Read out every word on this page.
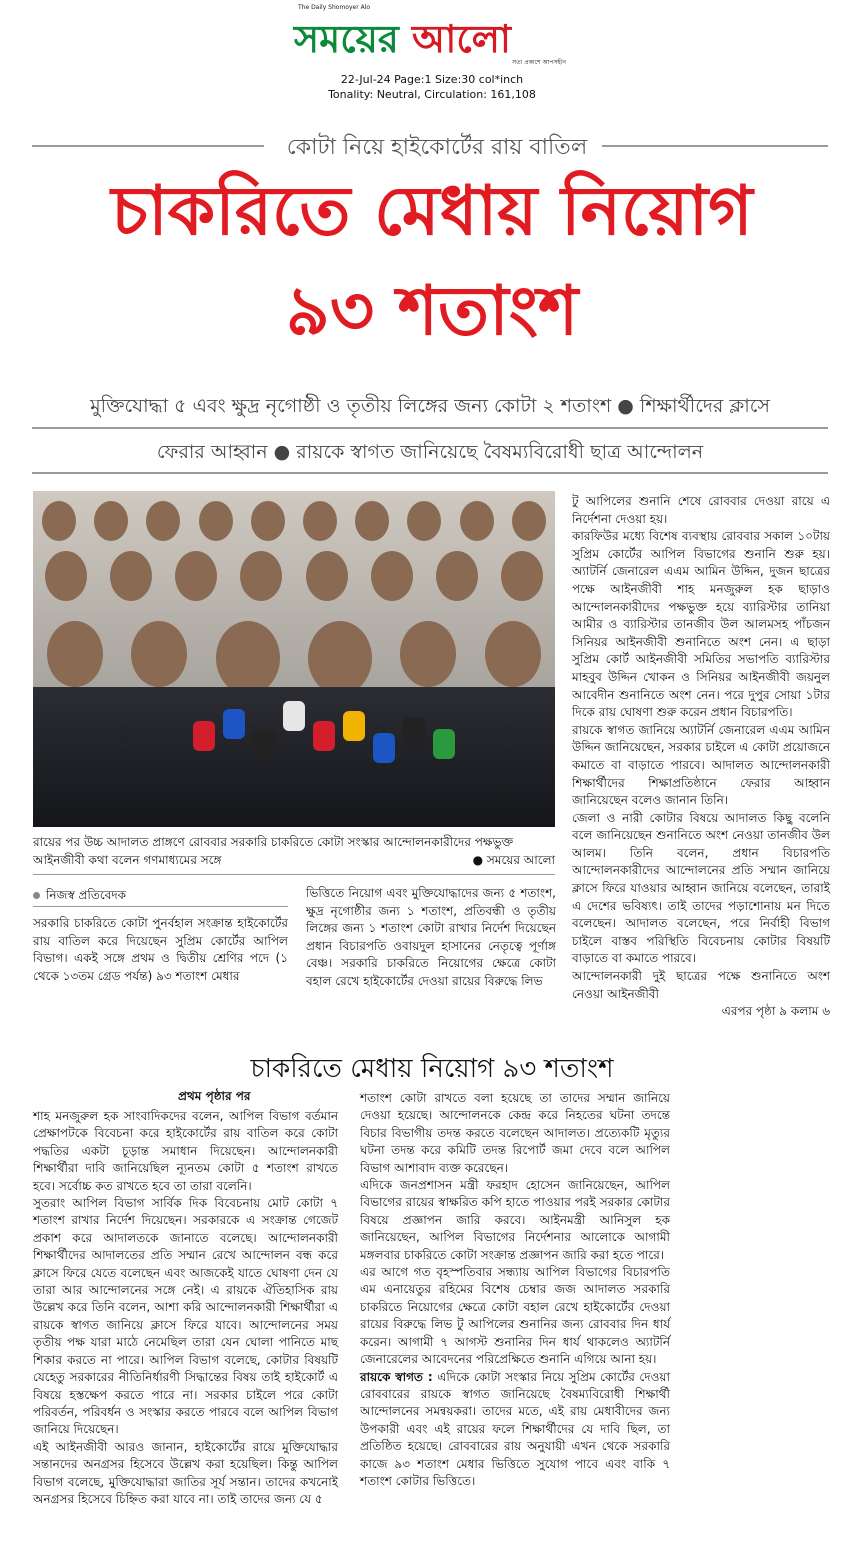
The Daily Shomoyer Alo
সময়ের আলো
সত্য প্রকাশে আপসহীন
22-Jul-24 Page:1 Size:30 col*inch
Tonality: Neutral, Circulation: 161,108
কোটা নিয়ে হাইকোর্টের রায় বাতিল
চাকরিতে মেধায় নিয়োগ
৯৩ শতাংশ
মুক্তিযোদ্ধা ৫ এবং ক্ষুদ্র নৃগোষ্ঠী ও তৃতীয় লিঙ্গের জন্য কোটা ২ শতাংশ ● শিক্ষার্থীদের ক্লাসে
ফেরার আহ্বান ● রায়কে স্বাগত জানিয়েছে বৈষম্যবিরোধী ছাত্র আন্দোলন
রায়ের পর উচ্চ আদালত প্রাঙ্গণে রোববার সরকারি চাকরিতে কোটা সংস্কার আন্দোলনকারীদের পক্ষভুক্ত আইনজীবী কথা বলেন গণমাধ্যমের সঙ্গে	● সময়ের আলো
নিজস্ব প্রতিবেদক

সরকারি চাকরিতে কোটা পুনর্বহাল সংক্রান্ত হাইকোর্টের রায় বাতিল করে দিয়েছেন সুপ্রিম কোর্টের আপিল বিভাগ। একই সঙ্গে প্রথম ও দ্বিতীয় শ্রেণির পদে (১ থেকে ১৩তম গ্রেড পর্যন্ত) ৯৩ শতাংশ মেধার

ভিত্তিতে নিয়োগ এবং মুক্তিযোদ্ধাদের জন্য ৫ শতাংশ, ক্ষুদ্র নৃগোষ্ঠীর জন্য ১ শতাংশ, প্রতিবন্ধী ও তৃতীয় লিঙ্গের জন্য ১ শতাংশ কোটা রাখার নির্দেশ দিয়েছেন প্রধান বিচারপতি ওবায়দুল হাসানের নেতৃত্বে পূর্ণাঙ্গ বেঞ্চ। সরকারি চাকরিতে নিয়োগের ক্ষেত্রে কোটা বহাল রেখে হাইকোর্টের দেওয়া রায়ের বিরুদ্ধে লিভ

টু আপিলের শুনানি শেষে রোববার দেওয়া রায়ে এ নির্দেশনা দেওয়া হয়।

কারফিউর মধ্যে বিশেষ ব্যবস্থায় রোববার সকাল ১০টায় সুপ্রিম কোর্টের আপিল বিভাগের শুনানি শুরু হয়। অ্যাটর্নি জেনারেল এএম আমিন উদ্দিন, দুজন ছাত্রের পক্ষে আইনজীবী শাহ মনজুরুল হক ছাড়াও আন্দোলনকারীদের পক্ষভুক্ত হয়ে ব্যারিস্টার তানিয়া আমীর ও ব্যারিস্টার তানজীব উল আলমসহ পাঁচজন সিনিয়র আইনজীবী শুনানিতে অংশ নেন। এ ছাড়া সুপ্রিম কোর্ট আইনজীবী সমিতির সভাপতি ব্যারিস্টার মাহবুব উদ্দিন খোকন ও সিনিয়র আইনজীবী জয়নুল আবেদীন শুনানিতে অংশ নেন। পরে দুপুর সোয়া ১টার দিকে রায় ঘোষণা শুরু করেন প্রধান বিচারপতি।

রায়কে স্বাগত জানিয়ে অ্যাটর্নি জেনারেল এএম আমিন উদ্দিন জানিয়েছেন, সরকার চাইলে এ কোটা প্রয়োজনে কমাতে বা বাড়াতে পারবে। আদালত আন্দোলনকারী শিক্ষার্থীদের শিক্ষাপ্রতিষ্ঠানে ফেরার আহ্বান জানিয়েছেন বলেও জানান তিনি।

জেলা ও নারী কোটার বিষয়ে আদালত কিছু বলেনি বলে জানিয়েছেন শুনানিতে অংশ নেওয়া তানজীব উল আলম। তিনি বলেন, প্রধান বিচারপতি আন্দোলনকারীদের আন্দোলনের প্রতি সম্মান জানিয়ে ক্লাসে ফিরে যাওয়ার আহ্বান জানিয়ে বলেছেন, তারাই এ দেশের ভবিষ্যৎ। তাই তাদের পড়াশোনায় মন দিতে বলেছেন। আদালত বলেছেন, পরে নির্বাহী বিভাগ চাইলে বাস্তব পরিস্থিতি বিবেচনায় কোটার বিষয়টি বাড়াতে বা কমাতে পারবে।

আন্দোলনকারী দুই ছাত্রের পক্ষে শুনানিতে অংশ নেওয়া আইনজীবী

এরপর পৃষ্ঠা ৯ কলাম ৬
চাকরিতে মেধায় নিয়োগ ৯৩ শতাংশ
প্রথম পৃষ্ঠার পর

শাহ মনজুরুল হক সাংবাদিকদের বলেন, আপিল বিভাগ বর্তমান প্রেক্ষাপটকে বিবেচনা করে হাইকোর্টের রায় বাতিল করে কোটা পদ্ধতির একটা চূড়ান্ত সমাধান দিয়েছেন। আন্দোলনকারী শিক্ষার্থীরা দাবি জানিয়েছিল ন্যূনতম কোটা ৫ শতাংশ রাখতে হবে। সর্বোচ্চ কত রাখতে হবে তা তারা বলেনি।

সুতরাং আপিল বিভাগ সার্বিক দিক বিবেচনায় মোট কোটা ৭ শতাংশ রাখার নির্দেশ দিয়েছেন। সরকারকে এ সংক্রান্ত গেজেট প্রকাশ করে আদালতকে জানাতে বলেছে। আন্দোলনকারী শিক্ষার্থীদের আদালতের প্রতি সম্মান রেখে আন্দোলন বন্ধ করে ক্লাসে ফিরে যেতে বলেছেন এবং আজকেই যাতে ঘোষণা দেন যে তারা আর আন্দোলনের সঙ্গে নেই। এ রায়কে ঐতিহাসিক রায় উল্লেখ করে তিনি বলেন, আশা করি আন্দোলনকারী শিক্ষার্থীরা এ রায়কে স্বাগত জানিয়ে ক্লাসে ফিরে যাবে। আন্দোলনের সময় তৃতীয় পক্ষ যারা মাঠে নেমেছিল তারা যেন ঘোলা পানিতে মাছ শিকার করতে না পারে। আপিল বিভাগ বলেছে, কোটার বিষয়টি যেহেতু সরকারের নীতিনির্ধারণী সিদ্ধান্তের বিষয় তাই হাইকোর্ট এ বিষয়ে হস্তক্ষেপ করতে পারে না। সরকার চাইলে পরে কোটা পরিবর্তন, পরিবর্ধন ও সংস্কার করতে পারবে বলে আপিল বিভাগ জানিয়ে দিয়েছেন।

এই আইনজীবী আরও জানান, হাইকোর্টের রায়ে মুক্তিযোদ্ধার সন্তানদের অনগ্রসর হিসেবে উল্লেখ করা হয়েছিল। কিন্তু আপিল বিভাগ বলেছে, মুক্তিযোদ্ধারা জাতির সূর্য সন্তান। তাদের কখনোই অনগ্রসর হিসেবে চিহ্নিত করা যাবে না। তাই তাদের জন্য যে ৫

শতাংশ কোটা রাখতে বলা হয়েছে তা তাদের সম্মান জানিয়ে দেওয়া হয়েছে। আন্দোলনকে কেন্দ্র করে নিহতের ঘটনা তদন্তে বিচার বিভাগীয় তদন্ত করতে বলেছেন আদালত। প্রত্যেকটি মৃত্যুর ঘটনা তদন্ত করে কমিটি তদন্ত রিপোর্ট জমা দেবে বলে আপিল বিভাগ আশাবাদ ব্যক্ত করেছেন।

এদিকে জনপ্রশাসন মন্ত্রী ফরহাদ হোসেন জানিয়েছেন, আপিল বিভাগের রায়ের স্বাক্ষরিত কপি হাতে পাওয়ার পরই সরকার কোটার বিষয়ে প্রজ্ঞাপন জারি করবে। আইনমন্ত্রী আনিসুল হক জানিয়েছেন, আপিল বিভাগের নির্দেশনার আলোকে আগামী মঙ্গলবার চাকরিতে কোটা সংক্রান্ত প্রজ্ঞাপন জারি করা হতে পারে।

এর আগে গত বৃহস্পতিবার সন্ধ্যায় আপিল বিভাগের বিচারপতি এম এনায়েতুর রহিমের বিশেষ চেম্বার জজ আদালত সরকারি চাকরিতে নিয়োগের ক্ষেত্রে কোটা বহাল রেখে হাইকোর্টের দেওয়া রায়ের বিরুদ্ধে লিভ টু আপিলের শুনানির জন্য রোববার দিন ধার্য করেন। আগামী ৭ আগস্ট শুনানির দিন ধার্য থাকলেও অ্যাটর্নি জেনারেলের আবেদনের পরিপ্রেক্ষিতে শুনানি এগিয়ে আনা হয়।

রায়কে স্বাগত : এদিকে কোটা সংস্কার নিয়ে সুপ্রিম কোর্টের দেওয়া রোববারের রায়কে স্বাগত জানিয়েছে বৈষম্যবিরোধী শিক্ষার্থী আন্দোলনের সমন্বয়করা। তাদের মতে, এই রায় মেধাবীদের জন্য উপকারী এবং এই রায়ের ফলে শিক্ষার্থীদের যে দাবি ছিল, তা প্রতিষ্ঠিত হয়েছে। রোববারের রায় অনুযায়ী এখন থেকে সরকারি কাজে ৯৩ শতাংশ মেধার ভিত্তিতে সুযোগ পাবে এবং বাকি ৭ শতাংশ কোটার ভিত্তিতে।
